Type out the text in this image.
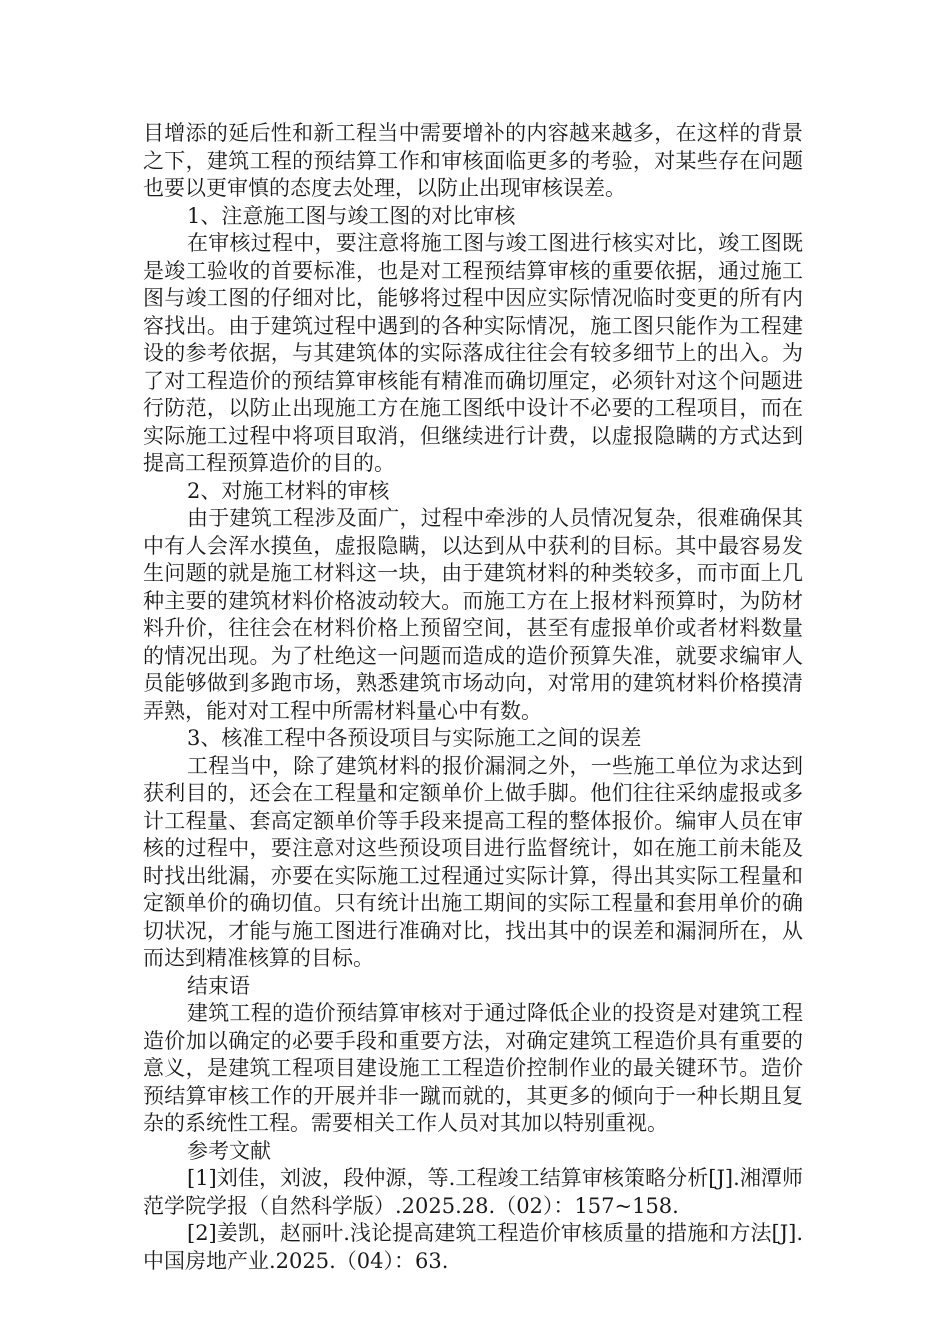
目增添的延后性和新工程当中需要增补的内容越来越多，在这样的背景之下，建筑工程的预结算工作和审核面临更多的考验，对某些存在问题也要以更审慎的态度去处理，以防止出现审核误差。

1、注意施工图与竣工图的对比审核

在审核过程中，要注意将施工图与竣工图进行核实对比，竣工图既是竣工验收的首要标准，也是对工程预结算审核的重要依据，通过施工图与竣工图的仔细对比，能够将过程中因应实际情况临时变更的所有内容找出。由于建筑过程中遇到的各种实际情况，施工图只能作为工程建设的参考依据，与其建筑体的实际落成往往会有较多细节上的出入。为了对工程造价的预结算审核能有精准而确切厘定，必须针对这个问题进行防范，以防止出现施工方在施工图纸中设计不必要的工程项目，而在实际施工过程中将项目取消，但继续进行计费，以虚报隐瞒的方式达到提高工程预算造价的目的。

2、对施工材料的审核

由于建筑工程涉及面广，过程中牵涉的人员情况复杂，很难确保其中有人会浑水摸鱼，虚报隐瞒，以达到从中获利的目标。其中最容易发生问题的就是施工材料这一块，由于建筑材料的种类较多，而市面上几种主要的建筑材料价格波动较大。而施工方在上报材料预算时，为防材料升价，往往会在材料价格上预留空间，甚至有虚报单价或者材料数量的情况出现。为了杜绝这一问题而造成的造价预算失准，就要求编审人员能够做到多跑市场，熟悉建筑市场动向，对常用的建筑材料价格摸清弄熟，能对对工程中所需材料量心中有数。

3、核准工程中各预设项目与实际施工之间的误差

工程当中，除了建筑材料的报价漏洞之外，一些施工单位为求达到获利目的，还会在工程量和定额单价上做手脚。他们往往采纳虚报或多计工程量、套高定额单价等手段来提高工程的整体报价。编审人员在审核的过程中，要注意对这些预设项目进行监督统计，如在施工前未能及时找出纰漏，亦要在实际施工过程通过实际计算，得出其实际工程量和定额单价的确切值。只有统计出施工期间的实际工程量和套用单价的确切状况，才能与施工图进行准确对比，找出其中的误差和漏洞所在，从而达到精准核算的目标。

结束语

建筑工程的造价预结算审核对于通过降低企业的投资是对建筑工程造价加以确定的必要手段和重要方法，对确定建筑工程造价具有重要的意义，是建筑工程项目建设施工工程造价控制作业的最关键环节。造价预结算审核工作的开展并非一蹴而就的，其更多的倾向于一种长期且复杂的系统性工程。需要相关工作人员对其加以特别重视。

参考文献

[1]刘佳，刘波，段仲源，等.工程竣工结算审核策略分析[J].湘潭师范学院学报（自然科学版）.2025.28.（02）：157~158.

[2]姜凯，赵丽叶.浅论提高建筑工程造价审核质量的措施和方法[J].中国房地产业.2025.（04）：63.
